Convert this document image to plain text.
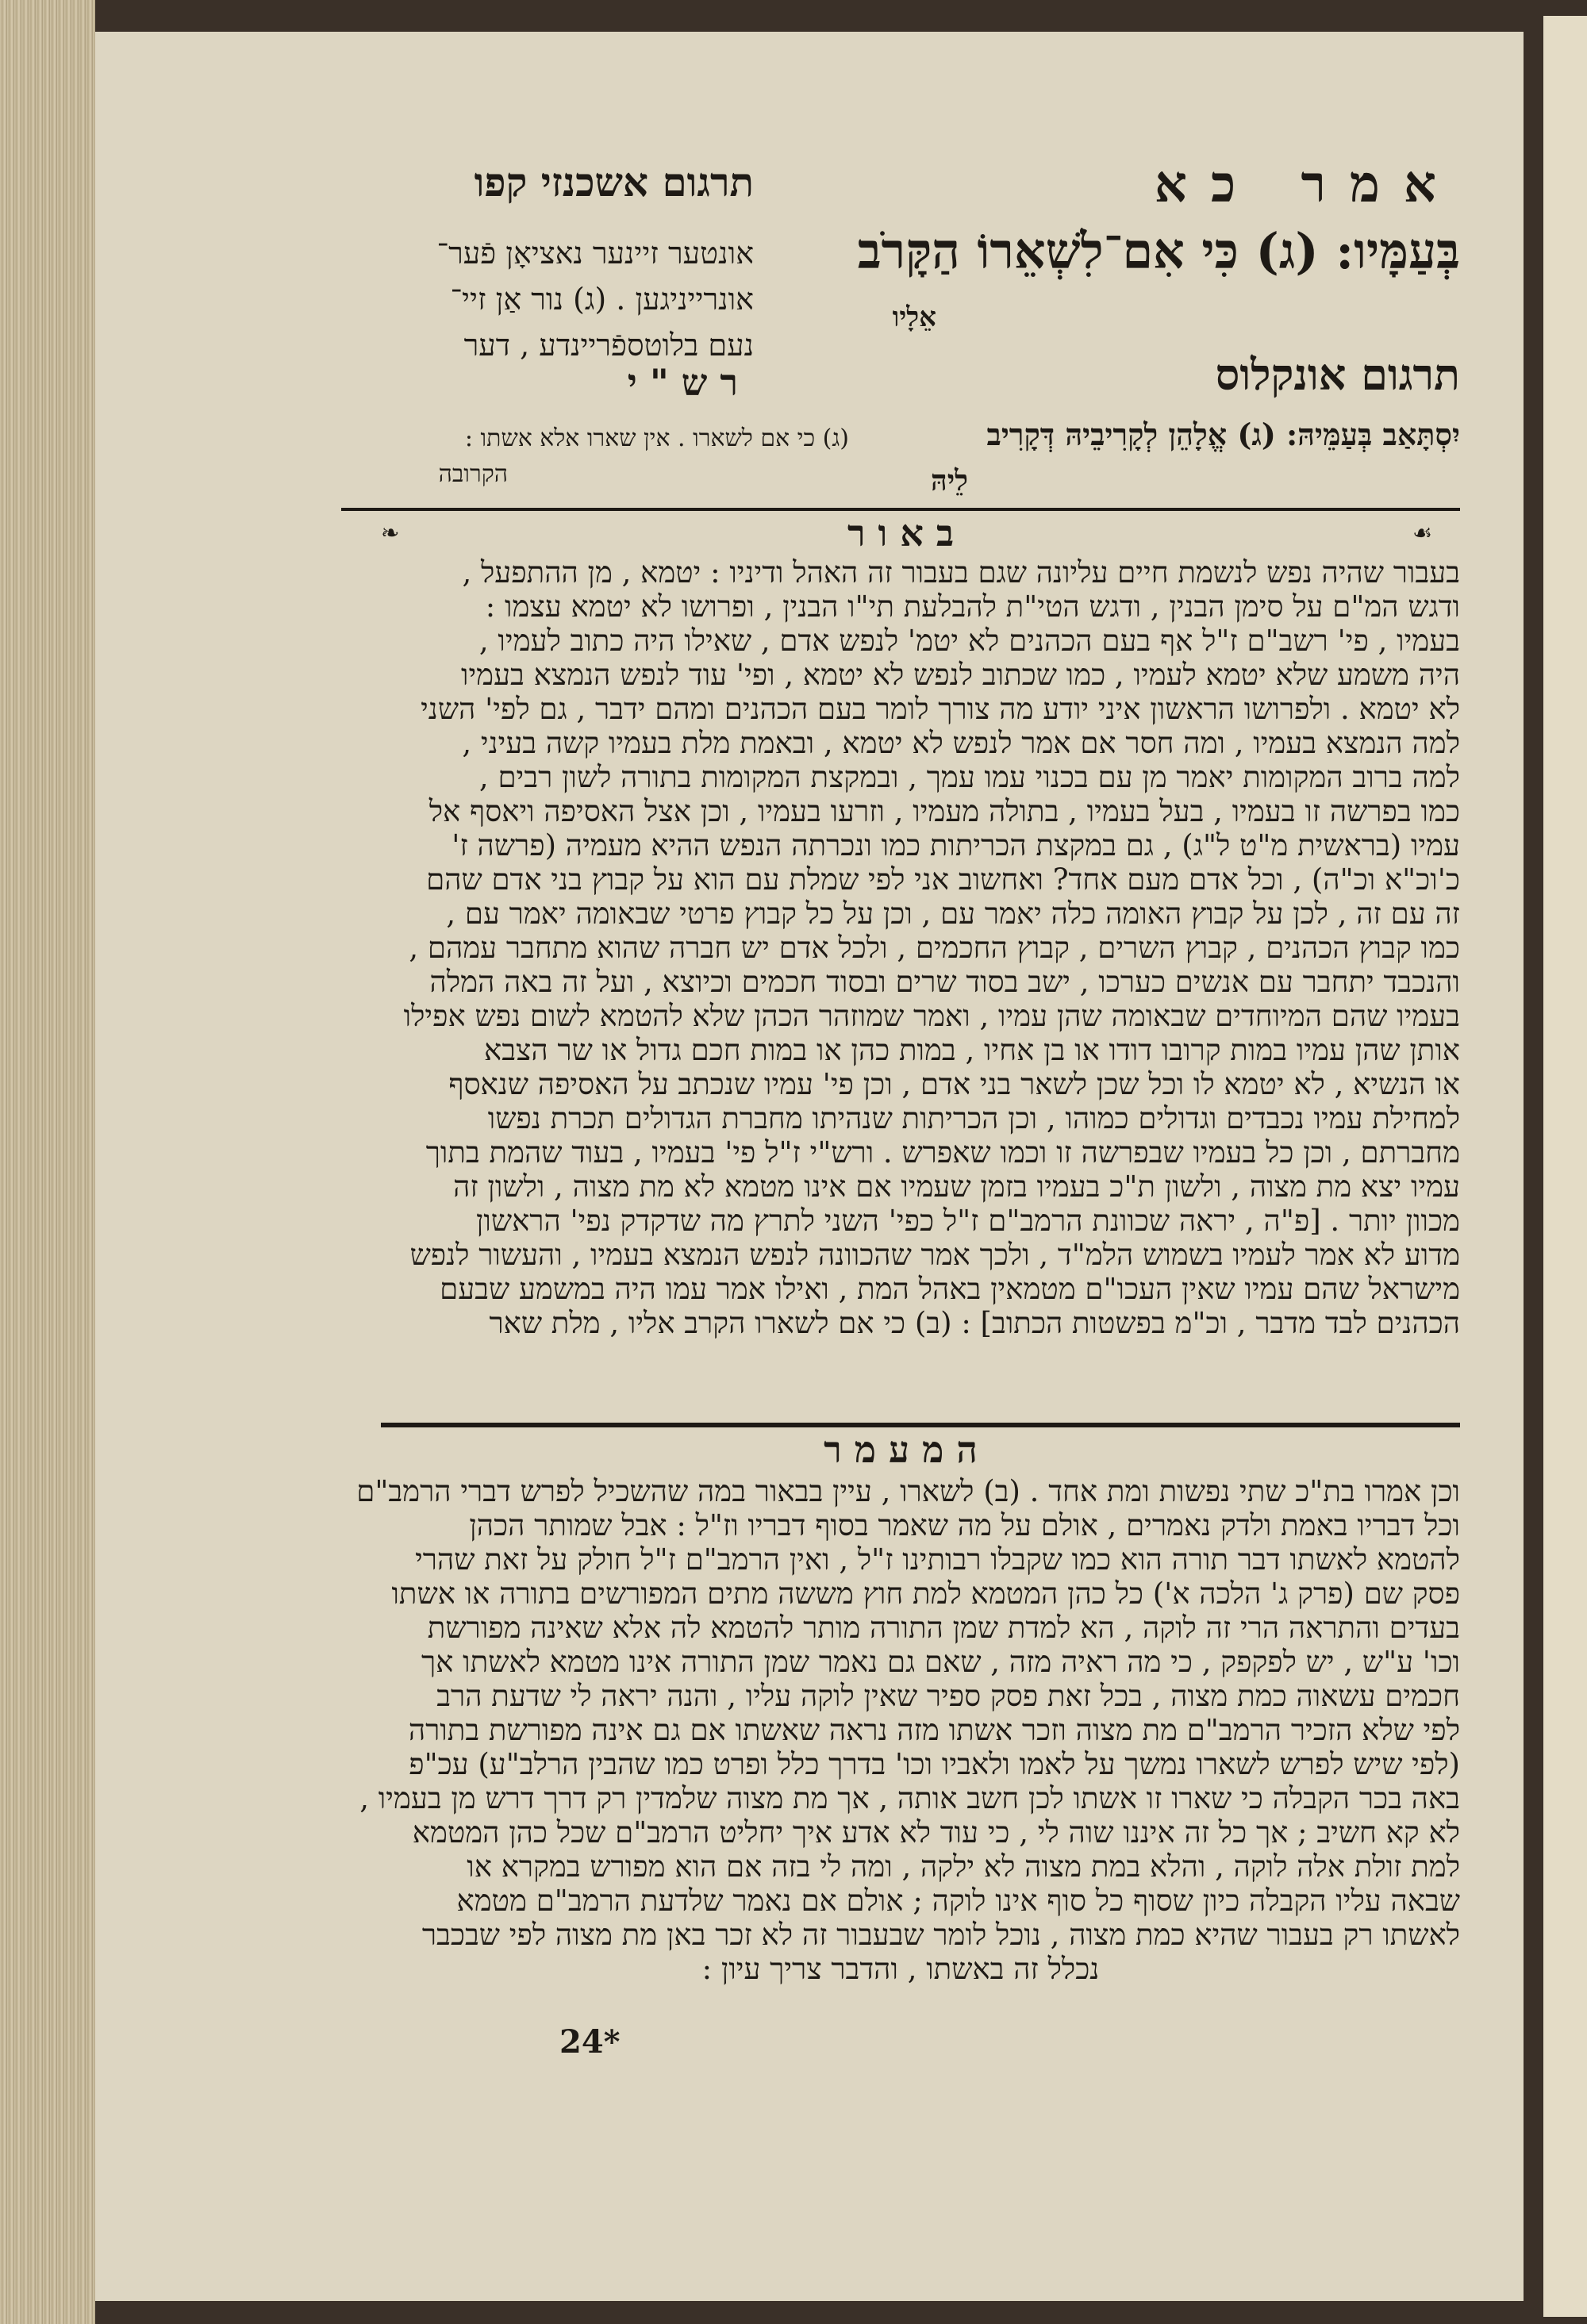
תרגום אשכנזי קפו	אמר כא
בְּעַמָּיו: (ג) כִּי אִם־לִשְׁאֵרוֹ הַקָּרֹב
אֵלָיו
אונטער זיינער נאציאָן פֿער־
אונרייניגען . (ג) נור אַן זיי־
נעם בלוטספֿריינדע , דער
תרגום אונקלוס
יִסְתָּאַב בְּעַמֵּיהּ: (ג) אֱלָהֵן לְקָרִיבֵיהּ דְּקָרִיב
לֵיהּ
ר ש " י
(ג) כי אם לשארו . אין שארו אלא אשתו :
הקרובה
ב א ו ר
❧	☙
בעבור שהיה נפש לנשמת חיים עליונה שגם בעבור זה האהל ודיניו : יטמא , מן ההתפעל ,
ודגש המ"ם על סימן הבנין , ודגש הטי"ת להבלעת תי"ו הבנין , ופרושו לא יטמא עצמו :
בעמיו , פי' רשב"ם ז"ל אף בעם הכהנים לא יטמ' לנפש אדם , שאילו היה כתוב לעמיו ,
היה משמע שלא יטמא לעמיו , כמו שכתוב לנפש לא יטמא , ופי' עוד לנפש הנמצא בעמיו
לא יטמא . ולפרושו הראשון איני יודע מה צורך לומר בעם הכהנים ומהם ידבר , גם לפי' השני
למה הנמצא בעמיו , ומה חסר אם אמר לנפש לא יטמא , ובאמת מלת בעמיו קשה בעיני ,
למה ברוב המקומות יאמר מן עם בכנוי עמו עמך , ובמקצת המקומות בתורה לשון רבים ,
כמו בפרשה זו בעמיו , בעל בעמיו , בתולה מעמיו , וזרעו בעמיו , וכן אצל האסיפה ויאסף אל
עמיו (בראשית מ"ט ל"ג) , גם במקצת הכריתות כמו ונכרתה הנפש ההיא מעמיה (פרשה ז'
כ'וכ"א וכ"ה) , וכל אדם מעם אחד? ואחשוב אני לפי שמלת עם הוא על קבוץ בני אדם שהם
זה עם זה , לכן על קבוץ האומה כלה יאמר עם , וכן על כל קבוץ פרטי שבאומה יאמר עם ,
כמו קבוץ הכהנים , קבוץ השרים , קבוץ החכמים , ולכל אדם יש חברה שהוא מתחבר עמהם ,
והנכבד יתחבר עם אנשים כערכו , ישב בסוד שרים ובסוד חכמים וכיוצא , ועל זה באה המלה
בעמיו שהם המיוחדים שבאומה שהן עמיו , ואמר שמוזהר הכהן שלא להטמא לשום נפש אפילו
אותן שהן עמיו במות קרובו דודו או בן אחיו , במות כהן או במות חכם גדול או שר הצבא
או הנשיא , לא יטמא לו וכל שכן לשאר בני אדם , וכן פי' עמיו שנכתב על האסיפה שנאסף
למחילת עמיו נכבדים וגדולים כמוהו , וכן הכריתות שנהיתו מחברת הגדולים תכרת נפשו
מחברתם , וכן כל בעמיו שבפרשה זו וכמו שאפרש . ורש"י ז"ל פי' בעמיו , בעוד שהמת בתוך
עמיו יצא מת מצוה , ולשון ת"כ בעמיו בזמן שעמיו אם אינו מטמא לא מת מצוה , ולשון זה
מכוון יותר . [פ"ה , יראה שכוונת הרמב"ם ז"ל כפי' השני לתרץ מה שדקדק נפי' הראשון
מדוע לא אמר לעמיו בשמוש הלמ"ד , ולכך אמר שהכוונה לנפש הנמצא בעמיו , והעשור לנפש
מישראל שהם עמיו שאין העכו"ם מטמאין באהל המת , ואילו אמר עמו היה במשמע שבעם
הכהנים לבד מדבר , וכ"מ בפשטות הכתוב] : (ב) כי אם לשארו הקרב אליו , מלת שאר
ה מ ע מ ר
וכן אמרו בת"כ שתי נפשות ומת אחד . (ב) לשארו , עיין בבאור במה שהשכיל לפרש דברי הרמב"ם
וכל דבריו באמת ולדק נאמרים , אולם על מה שאמר בסוף דבריו וז"ל : אבל שמותר הכהן
להטמא לאשתו דבר תורה הוא כמו שקבלו רבותינו ז"ל , ואין הרמב"ם ז"ל חולק על זאת שהרי
פסק שם (פרק ג' הלכה א') כל כהן המטמא למת חוץ מששה מתים המפורשים בתורה או אשתו
בעדים והתראה הרי זה לוקה , הא למדת שמן התורה מותר להטמא לה אלא שאינה מפורשת
וכו' ע"ש , יש לפקפק , כי מה ראיה מזה , שאם גם נאמר שמן התורה אינו מטמא לאשתו אך
חכמים עשאוה כמת מצוה , בכל זאת פסק ספיר שאין לוקה עליו , והנה יראה לי שדעת הרב
לפי שלא הזכיר הרמב"ם מת מצוה וזכר אשתו מזה נראה שאשתו אם גם אינה מפורשת בתורה
(לפי שיש לפרש לשארו נמשך על לאמו ולאביו וכו' בדרך כלל ופרט כמו שהבין הרלב"ע) עכ"פ
באה בכר הקבלה כי שארו זו אשתו לכן חשב אותה , אך מת מצוה שלמדין רק דרך דרש מן בעמיו ,
לא קא חשיב ; אך כל זה איננו שוה לי , כי עוד לא אדע איך יחליט הרמב"ם שכל כהן המטמא
למת זולת אלה לוקה , והלא במת מצוה לא ילקה , ומה לי בזה אם הוא מפורש במקרא או
שבאה עליו הקבלה כיון שסוף כל סוף אינו לוקה ; אולם אם נאמר שלדעת הרמב"ם מטמא
לאשתו רק בעבור שהיא כמת מצוה , נוכל לומר שבעבור זה לא זכר באן מת מצוה לפי שבכבר
נכלל זה באשתו , והדבר צריך עיון :
24*
